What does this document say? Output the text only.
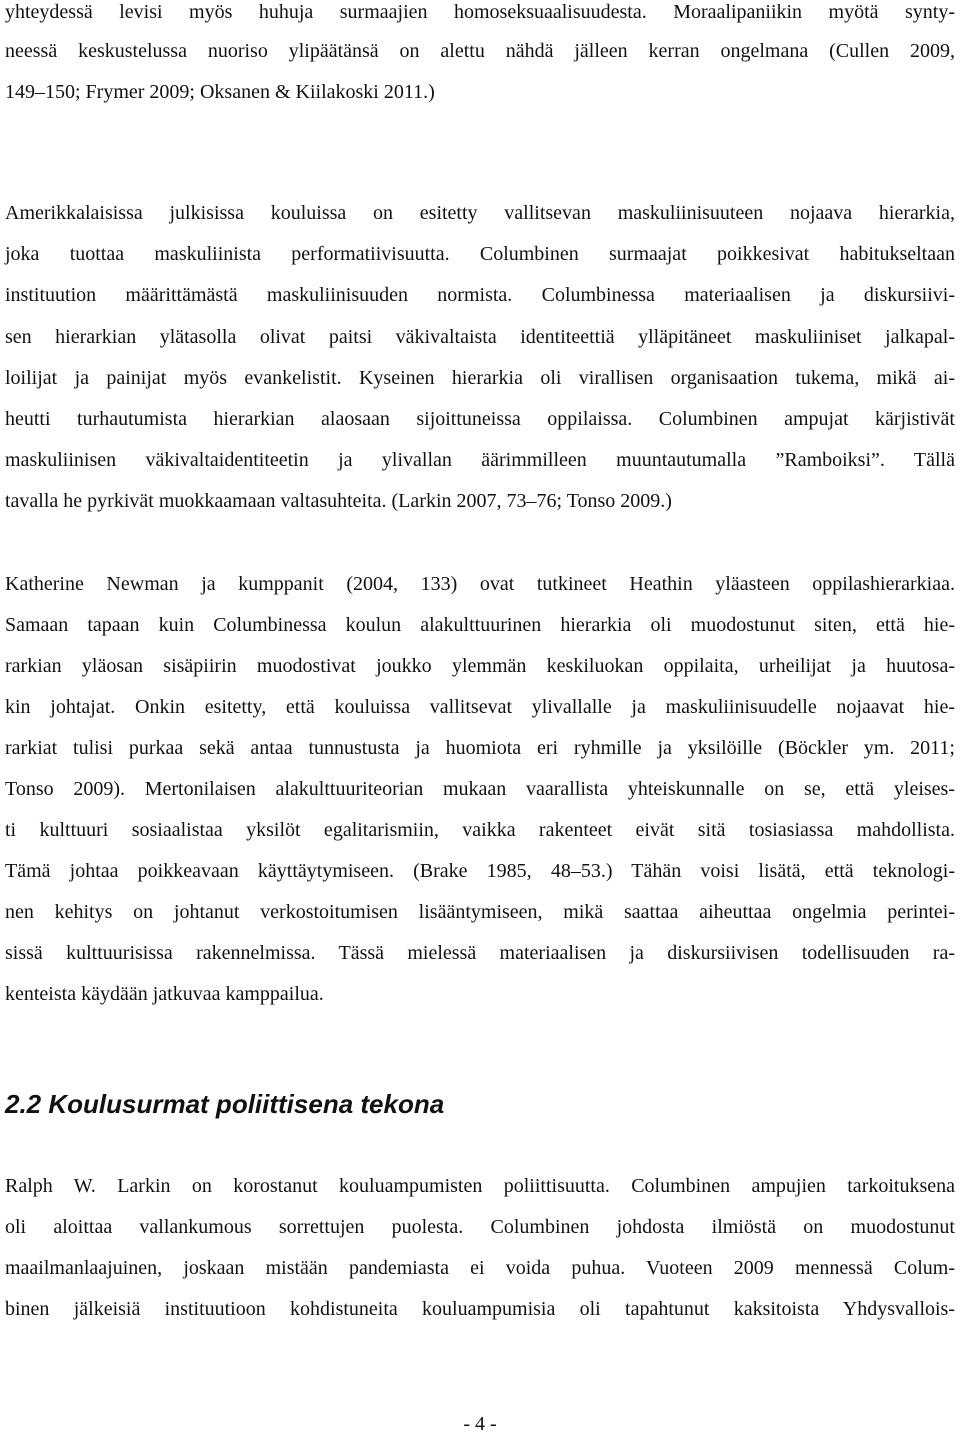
yhteydessä levisi myös huhuja surmaajien homoseksuaalisuudesta. Moraalipaniikin myötä synty-
neessä keskustelussa nuoriso ylipäätänsä on alettu nähdä jälleen kerran ongelmana (Cullen 2009,
149–150; Frymer 2009; Oksanen & Kiilakoski 2011.)
Amerikkalaisissa julkisissa kouluissa on esitetty vallitsevan maskuliinisuuteen nojaava hierarkia,
joka tuottaa maskuliinista performatiivisuutta. Columbinen surmaajat poikkesivat habitukseltaan
instituution määrittämästä maskuliinisuuden normista. Columbinessa materiaalisen ja diskursiivi-
sen hierarkian ylätasolla olivat paitsi väkivaltaista identiteettiä ylläpitäneet maskuliiniset jalkapal-
loilijat ja painijat myös evankelistit. Kyseinen hierarkia oli virallisen organisaation tukema, mikä ai-
heutti turhautumista hierarkian alaosaan sijoittuneissa oppilaissa. Columbinen ampujat kärjistivät
maskuliinisen väkivaltaidentiteetin ja ylivallan äärimmilleen muuntautumalla ”Ramboiksi”. Tällä
tavalla he pyrkivät muokkaamaan valtasuhteita. (Larkin 2007, 73–76; Tonso 2009.)
Katherine Newman ja kumppanit (2004, 133) ovat tutkineet Heathin yläasteen oppilashierarkiaa.
Samaan tapaan kuin Columbinessa koulun alakulttuurinen hierarkia oli muodostunut siten, että hie-
rarkian yläosan sisäpiirin muodostivat joukko ylemmän keskiluokan oppilaita, urheilijat ja huutosa-
kin johtajat. Onkin esitetty, että kouluissa vallitsevat ylivallalle ja maskuliinisuudelle nojaavat hie-
rarkiat tulisi purkaa sekä antaa tunnustusta ja huomiota eri ryhmille ja yksilöille (Böckler ym. 2011;
Tonso 2009). Mertonilaisen alakulttuuriteorian mukaan vaarallista yhteiskunnalle on se, että yleises-
ti kulttuuri sosiaalistaa yksilöt egalitarismiin, vaikka rakenteet eivät sitä tosiasiassa mahdollista.
Tämä johtaa poikkeavaan käyttäytymiseen. (Brake 1985, 48–53.) Tähän voisi lisätä, että teknologi-
nen kehitys on johtanut verkostoitumisen lisääntymiseen, mikä saattaa aiheuttaa ongelmia perintei-
sissä kulttuurisissa rakennelmissa. Tässä mielessä materiaalisen ja diskursiivisen todellisuuden ra-
kenteista käydään jatkuvaa kamppailua.
2.2 Koulusurmat poliittisena tekona
Ralph W. Larkin on korostanut kouluampumisten poliittisuutta. Columbinen ampujien tarkoituksena
oli aloittaa vallankumous sorrettujen puolesta. Columbinen johdosta ilmiöstä on muodostunut
maailmanlaajuinen, joskaan mistään pandemiasta ei voida puhua. Vuoteen 2009 mennessä Colum-
binen jälkeisiä instituutioon kohdistuneita kouluampumisia oli tapahtunut kaksitoista Yhdysvallois-
- 4 -
